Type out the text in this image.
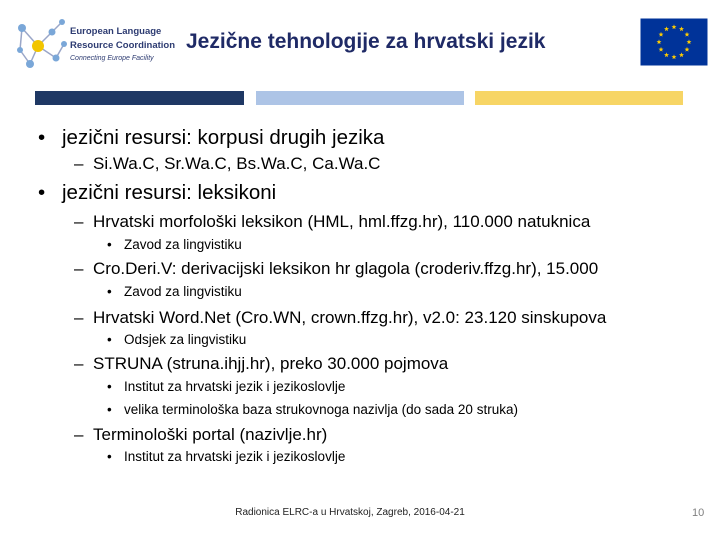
European Language
Resource Coordination
Connecting Europe Facility
Jezične tehnologije za hrvatski jezik
• jezični resursi: korpusi drugih jezika
– Si.Wa.C, Sr.Wa.C, Bs.Wa.C, Ca.Wa.C
• jezični resursi: leksikoni
– Hrvatski morfološki leksikon (HML, hml.ffzg.hr), 110.000 natuknica
• Zavod za lingvistiku
– Cro.Deri.V: derivacijski leksikon hr glagola (croderiv.ffzg.hr), 15.000
• Zavod za lingvistiku
– Hrvatski Word.Net (Cro.WN, crown.ffzg.hr), v2.0: 23.120 sinskupova
• Odsjek za lingvistiku
– STRUNA (struna.ihjj.hr), preko 30.000 pojmova
• Institut za hrvatski jezik i jezikoslovlje
• velika terminološka baza strukovnoga nazivlja (do sada 20 struka)
– Terminološki portal (nazivlje.hr)
• Institut za hrvatski jezik i jezikoslovlje
Radionica ELRC-a u Hrvatskoj, Zagreb, 2016-04-21	10
